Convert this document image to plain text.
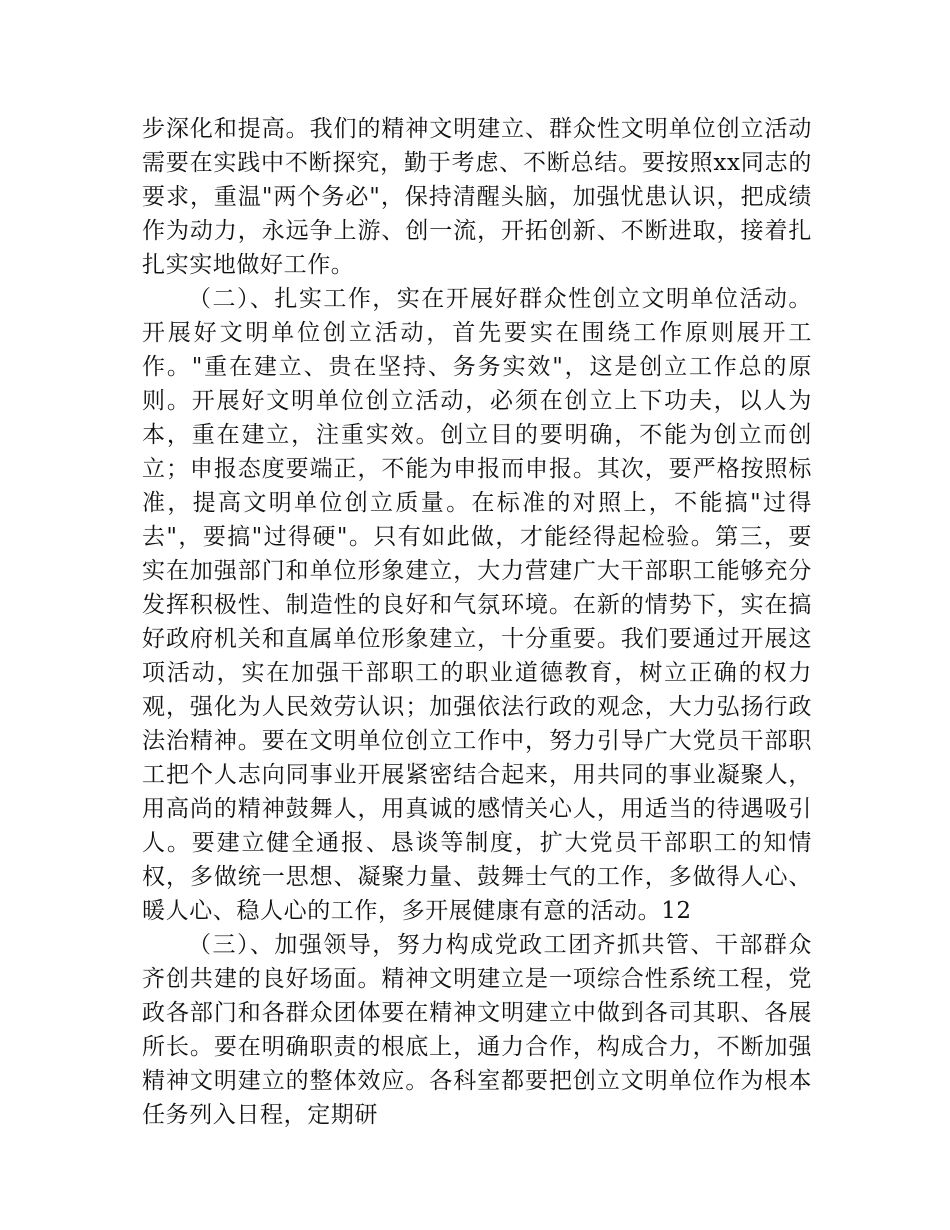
步深化和提高。我们的精神文明建立、群众性文明单位创立活动需要在实践中不断探究，勤于考虑、不断总结。要按照xx同志的要求，重温"两个务必"，保持清醒头脑，加强忧患认识，把成绩作为动力，永远争上游、创一流，开拓创新、不断进取，接着扎扎实实地做好工作。

（二）、扎实工作，实在开展好群众性创立文明单位活动。开展好文明单位创立活动，首先要实在围绕工作原则展开工作。"重在建立、贵在坚持、务务实效"，这是创立工作总的原则。开展好文明单位创立活动，必须在创立上下功夫，以人为本，重在建立，注重实效。创立目的要明确，不能为创立而创立；申报态度要端正，不能为申报而申报。其次，要严格按照标准，提高文明单位创立质量。在标准的对照上，不能搞"过得去"，要搞"过得硬"。只有如此做，才能经得起检验。第三，要实在加强部门和单位形象建立，大力营建广大干部职工能够充分发挥积极性、制造性的良好和气氛环境。在新的情势下，实在搞好政府机关和直属单位形象建立，十分重要。我们要通过开展这项活动，实在加强干部职工的职业道德教育，树立正确的权力观，强化为人民效劳认识；加强依法行政的观念，大力弘扬行政法治精神。要在文明单位创立工作中，努力引导广大党员干部职工把个人志向同事业开展紧密结合起来，用共同的事业凝聚人，用高尚的精神鼓舞人，用真诚的感情关心人，用适当的待遇吸引人。要建立健全通报、恳谈等制度，扩大党员干部职工的知情权，多做统一思想、凝聚力量、鼓舞士气的工作，多做得人心、暖人心、稳人心的工作，多开展健康有意的活动。12

（三）、加强领导，努力构成党政工团齐抓共管、干部群众齐创共建的良好场面。精神文明建立是一项综合性系统工程，党政各部门和各群众团体要在精神文明建立中做到各司其职、各展所长。要在明确职责的根底上，通力合作，构成合力，不断加强精神文明建立的整体效应。各科室都要把创立文明单位作为根本任务列入日程，定期研
